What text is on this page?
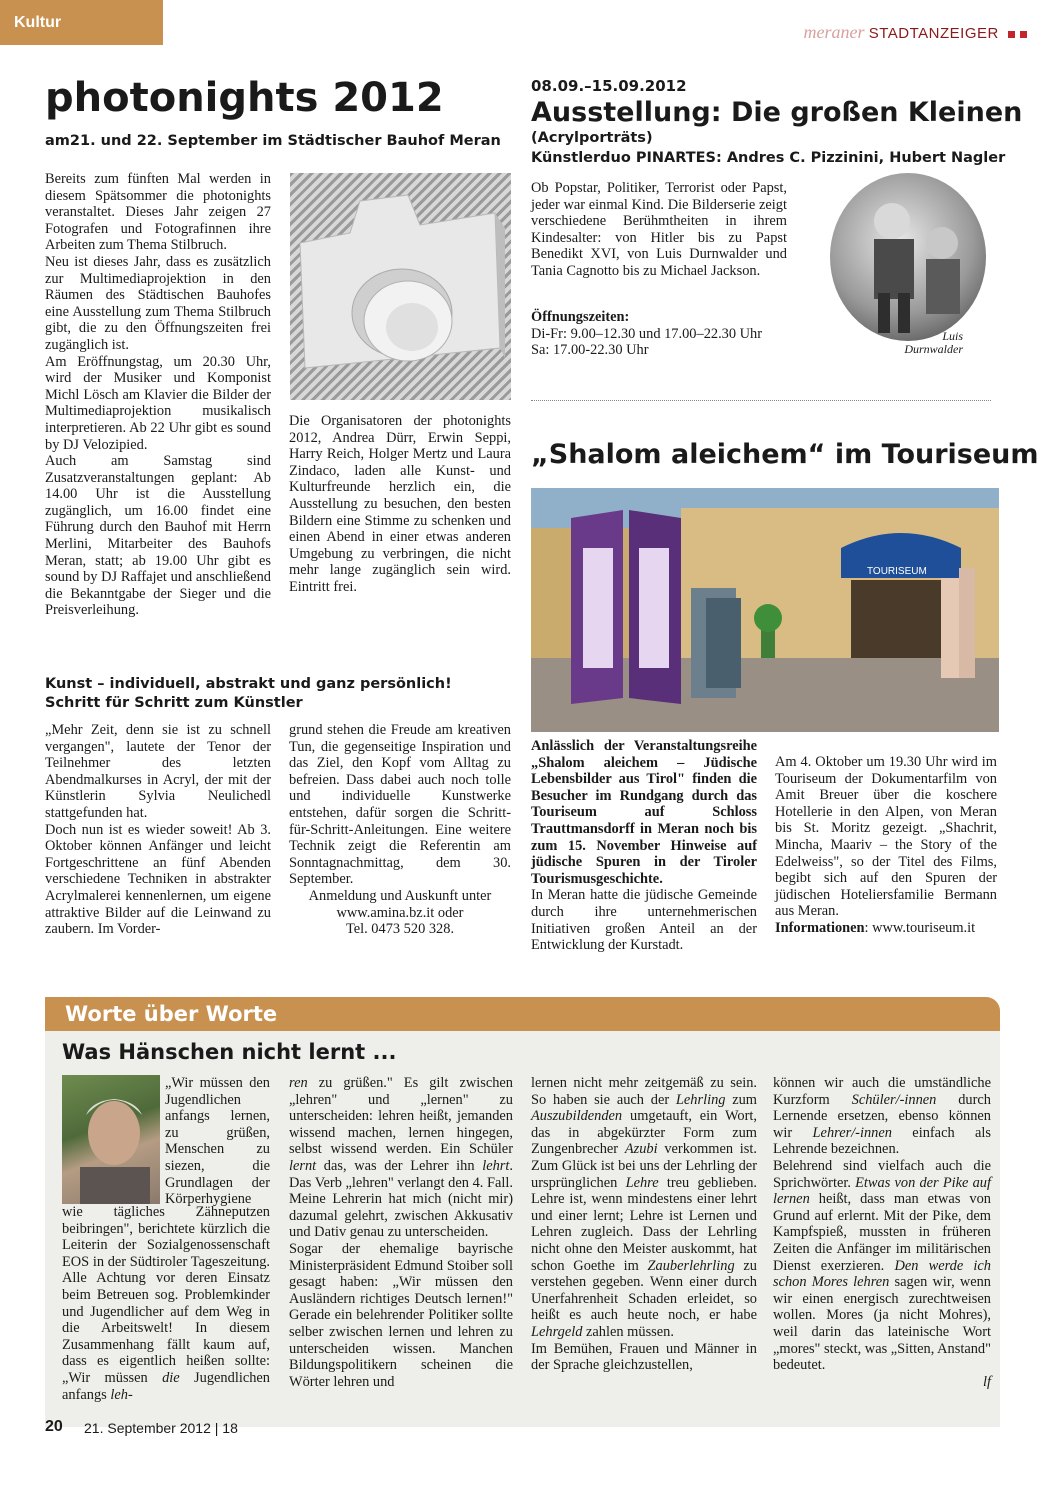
Kultur	meraner STADTANZEIGER
photonights 2012
am21. und 22. September im Städtischer Bauhof Meran

Bereits zum fünften Mal werden in diesem Spätsommer die photonights veranstaltet. Dieses Jahr zeigen 27 Fotografen und Fotografinnen ihre Arbeiten zum Thema Stilbruch.

Neu ist dieses Jahr, dass es zusätzlich zur Multimediaprojektion in den Räumen des Städtischen Bauhofes eine Ausstellung zum Thema Stilbruch gibt, die zu den Öffnungszeiten frei zugänglich ist.

Am Eröffnungstag, um 20.30 Uhr, wird der Musiker und Komponist Michl Lösch am Klavier die Bilder der Multimediaprojektion musikalisch interpretieren. Ab 22 Uhr gibt es sound by DJ Velozipied.

Auch am Samstag sind Zusatzveranstaltungen geplant: Ab 14.00 Uhr ist die Ausstellung zugänglich, um 16.00 findet eine Führung durch den Bauhof mit Herrn Merlini, Mitarbeiter des Bauhofs Meran, statt; ab 19.00 Uhr gibt es sound by DJ Raffajet und anschließend die Bekanntgabe der Sieger und die Preisverleihung.

Die Organisatoren der photonights 2012, Andrea Dürr, Erwin Seppi, Harry Reich, Holger Mertz und Laura Zindaco, laden alle Kunst- und Kulturfreunde herzlich ein, die Ausstellung zu besuchen, den besten Bildern eine Stimme zu schenken und einen Abend in einer etwas anderen Umgebung zu verbringen, die nicht mehr lange zugänglich sein wird. Eintritt frei.
08.09.–15.09.2012
Ausstellung: Die großen Kleinen
(Acrylporträts)
Künstlerduo PINARTES: Andres C. Pizzinini, Hubert Nagler
Ob Popstar, Politiker, Terrorist oder Papst, jeder war einmal Kind. Die Bilderserie zeigt verschiedene Berühmtheiten in ihrem Kindesalter: von Hitler bis zu Papst Benedikt XVI, von Luis Durnwalder und Tania Cagnotto bis zu Michael Jackson.

Öffnungszeiten:

Di-Fr: 9.00–12.30 und 17.00–22.30 Uhr

Sa: 17.00-22.30 Uhr

Luis
Durnwalder
„Shalom aleichem“ im Touriseum
TOURISEUM

Anlässlich der Veranstaltungsreihe „Shalom aleichem – Jüdische Lebensbilder aus Tirol" finden die Besucher im Rundgang durch das Touriseum auf Schloss Trauttmansdorff in Meran noch bis zum 15. November Hinweise auf jüdische Spuren in der Tiroler Tourismusgeschichte.

In Meran hatte die jüdische Gemeinde durch ihre unternehmerischen Initiativen großen Anteil an der Entwicklung der Kurstadt.

Am 4. Oktober um 19.30 Uhr wird im Touriseum der Dokumentarfilm von Amit Breuer über die koschere Hotellerie in den Alpen, von Meran bis St. Moritz gezeigt. „Shachrit, Mincha, Maariv – the Story of the Edelweiss", so der Titel des Films, begibt sich auf den Spuren der jüdischen Hoteliersfamilie Bermann aus Meran.

Informationen: www.touriseum.it

Kunst – individuell, abstrakt und ganz persönlich!
Schritt für Schritt zum Künstler

„Mehr Zeit, denn sie ist zu schnell vergangen", lautete der Tenor der Teilnehmer des letzten Abendmalkurses in Acryl, der mit der Künstlerin Sylvia Neulichedl stattgefunden hat.

Doch nun ist es wieder soweit! Ab 3. Oktober können Anfänger und leicht Fortgeschrittene an fünf Abenden verschiedene Techniken in abstrakter Acrylmalerei kennenlernen, um eigene attraktive Bilder auf die Leinwand zu zaubern. Im Vorder-

grund stehen die Freude am kreativen Tun, die gegenseitige Inspiration und das Ziel, den Kopf vom Alltag zu befreien. Dass dabei auch noch tolle und individuelle Kunstwerke entstehen, dafür sorgen die Schritt-für-Schritt-Anleitungen. Eine weitere Technik zeigt die Referentin am Sonntagnachmittag, dem 30. September.

Anmeldung und Auskunft unter

www.amina.bz.it oder

Tel. 0473 520 328.

Worte über Worte
Was Hänschen nicht lernt ...
„Wir müssen den Jugendlichen anfangs lernen, zu grüßen, Menschen zu siezen, die Grundlagen der Körperhygiene
wie tägliches Zähneputzen beibringen", berichtete kürzlich die Leiterin der Sozialgenossenschaft EOS in der Südtiroler Tageszeitung. Alle Achtung vor deren Einsatz beim Betreuen sog. Problemkinder und Jugendlicher auf dem Weg in die Arbeitswelt! In diesem Zusammenhang fällt kaum auf, dass es eigentlich heißen sollte: „Wir müssen die Jugendlichen anfangs leh-

ren zu grüßen." Es gilt zwischen „lehren" und „lernen" zu unterscheiden: lehren heißt, jemanden wissend machen, lernen hingegen, selbst wissend werden. Ein Schüler lernt das, was der Lehrer ihn lehrt. Das Verb „lehren" verlangt den 4. Fall. Meine Lehrerin hat mich (nicht mir) dazumal gelehrt, zwischen Akkusativ und Dativ genau zu unterscheiden.

Sogar der ehemalige bayrische Ministerpräsident Edmund Stoiber soll gesagt haben: „Wir müssen den Ausländern richtiges Deutsch lernen!" Gerade ein belehrender Politiker sollte selber zwischen lernen und lehren zu unterscheiden wissen. Manchen Bildungspolitikern scheinen die Wörter lehren und

lernen nicht mehr zeitgemäß zu sein. So haben sie auch der Lehrling zum Auszubildenden umgetauft, ein Wort, das in abgekürzter Form zum Zungenbrecher Azubi verkommen ist. Zum Glück ist bei uns der Lehrling der ursprünglichen Lehre treu geblieben. Lehre ist, wenn mindestens einer lehrt und einer lernt; Lehre ist Lernen und Lehren zugleich. Dass der Lehrling nicht ohne den Meister auskommt, hat schon Goethe im Zauberlehrling zu verstehen gegeben. Wenn einer durch Unerfahrenheit Schaden erleidet, so heißt es auch heute noch, er habe Lehrgeld zahlen müssen.

Im Bemühen, Frauen und Männer in der Sprache gleichzustellen,

können wir auch die umständliche Kurzform Schüler/-innen durch Lernende ersetzen, ebenso können wir Lehrer/-innen einfach als Lehrende bezeichnen.

Belehrend sind vielfach auch die Sprichwörter. Etwas von der Pike auf lernen heißt, dass man etwas von Grund auf erlernt. Mit der Pike, dem Kampfspieß, mussten in früheren Zeiten die Anfänger im militärischen Dienst exerzieren. Den werde ich schon Mores lehren sagen wir, wenn wir einen energisch zurechtweisen wollen. Mores (ja nicht Mohres), weil darin das lateinische Wort „mores" steckt, was „Sitten, Anstand" bedeutet.

lf

20 21. September 2012 | 18
